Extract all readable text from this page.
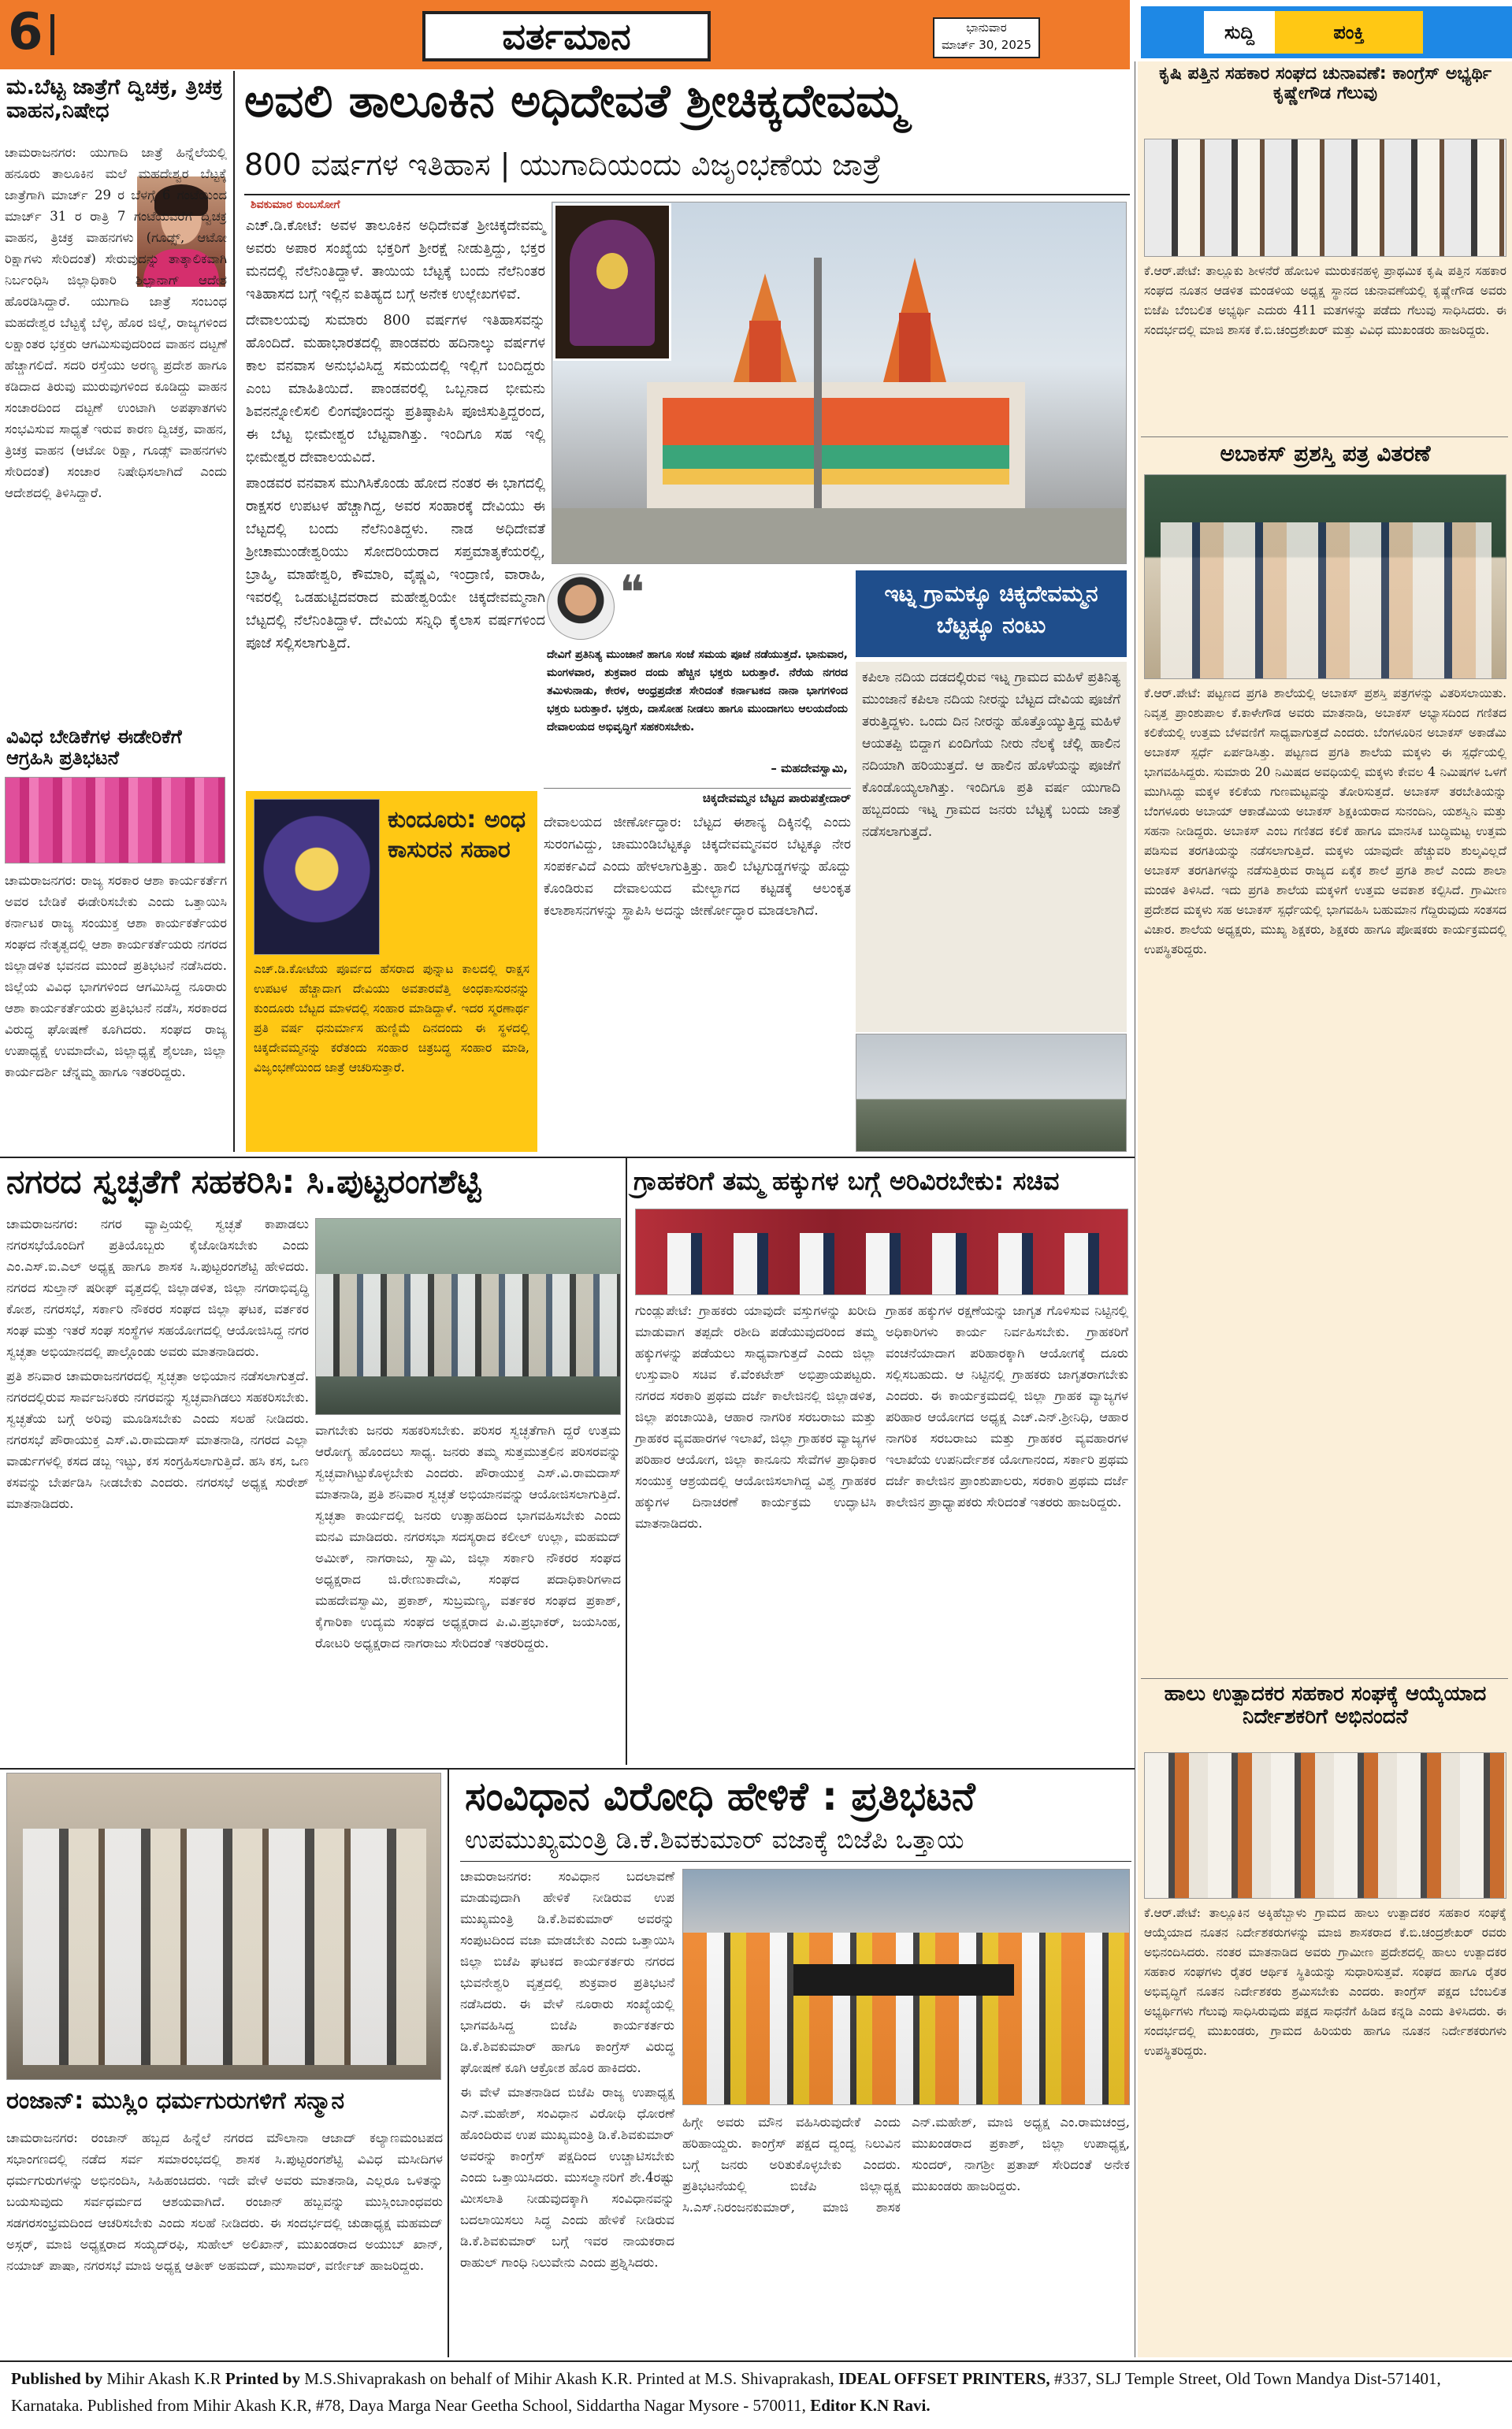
6	ವರ್ತಮಾನ	ಭಾನುವಾರ
ಮಾರ್ಚ್ 30, 2025
ಸುದ್ದಿ	ಪಂಕ್ತಿ
ಮ.ಬೆಟ್ಟ ಜಾತ್ರೆಗೆ ದ್ವಿಚಕ್ರ, ತ್ರಿಚಕ್ರ ವಾಹನ,ನಿಷೇಧ
ಚಾಮರಾಜನಗರ: ಯುಗಾದಿ ಜಾತ್ರೆ ಹಿನ್ನೆಲೆಯಲ್ಲಿ ಹನೂರು ತಾಲೂಕಿನ ಮಲೆ ಮಹದೇಶ್ವರ ಬೆಟ್ಟಕ್ಕೆ ಜಾತ್ರೆಗಾಗಿ ಮಾರ್ಚ್ 29 ರ ಬೆಳಗ್ಗೆ 6 ಗಂಟೆಯಿಂದ ಮಾರ್ಚ್ 31 ರ ರಾತ್ರಿ 7 ಗಂಟೆಯವರೆಗೆ ದ್ವಿಚಕ್ರ ವಾಹನ, ತ್ರಿಚಕ್ರ ವಾಹನಗಳು (ಗೂಡ್ಸ್, ಆಟೋ ರಿಕ್ಷಾಗಳು ಸೇರಿದಂತೆ) ಸೇರುವುದನ್ನು ತಾತ್ಕಾಲಿಕವಾಗಿ ನಿರ್ಬಂಧಿಸಿ ಜಿಲ್ಲಾಧಿಕಾರಿ ಶಿಲ್ಪಾನಾಗ್ ಆದೇಶ ಹೊರಡಿಸಿದ್ದಾರೆ. ಯುಗಾದಿ ಜಾತ್ರೆ ಸಂಬಂಧ ಮಹದೇಶ್ವರ ಬೆಟ್ಟಕ್ಕೆ ಬೆಳ್ಳಿ, ಹೊರ ಜಿಲ್ಲೆ, ರಾಜ್ಯಗಳಿಂದ ಲಕ್ಷಾಂತರ ಭಕ್ತರು ಆಗಮಿಸುವುದರಿಂದ ವಾಹನ ದಟ್ಟಣೆ ಹೆಚ್ಚಾಗಲಿದೆ. ಸದರಿ ರಸ್ತೆಯು ಅರಣ್ಯ ಪ್ರದೇಶ ಹಾಗೂ ಕಡಿದಾದ ತಿರುವು ಮುರುವುಗಳಿಂದ ಕೂಡಿದ್ದು ವಾಹನ ಸಂಚಾರದಿಂದ ದಟ್ಟಣೆ ಉಂಟಾಗಿ ಅಪಘಾತಗಳು ಸಂಭವಿಸುವ ಸಾಧ್ಯತೆ ಇರುವ ಕಾರಣ ದ್ವಿಚಕ್ರ, ವಾಹನ, ತ್ರಿಚಕ್ರ ವಾಹನ (ಆಟೋ ರಿಕ್ಷಾ, ಗೂಡ್ಸ್ ವಾಹನಗಳು ಸೇರಿದಂತೆ) ಸಂಚಾರ ನಿಷೇಧಿಸಲಾಗಿದೆ ಎಂದು ಆದೇಶದಲ್ಲಿ ತಿಳಿಸಿದ್ದಾರೆ.
ವಿವಿಧ ಬೇಡಿಕೆಗಳ ಈಡೇರಿಕೆಗೆ ಆಗ್ರಹಿಸಿ ಪ್ರತಿಭಟನೆ
ಚಾಮರಾಜನಗರ: ರಾಜ್ಯ ಸರಕಾರ ಆಶಾ ಕಾರ್ಯಕರ್ತೆಗ ಅವರ ಬೇಡಿಕೆ ಈಡೇರಿಸಬೇಕು ಎಂದು ಒತ್ತಾಯಿಸಿ ಕರ್ನಾಟಕ ರಾಜ್ಯ ಸಂಯುಕ್ತ ಆಶಾ ಕಾರ್ಯಕರ್ತೆಯರ ಸಂಘದ ನೇತೃತ್ವದಲ್ಲಿ ಆಶಾ ಕಾರ್ಯಕರ್ತೆಯರು ನಗರದ ಜಿಲ್ಲಾಡಳಿತ ಭವನದ ಮುಂದೆ ಪ್ರತಿಭಟನೆ ನಡೆಸಿದರು. ಜಿಲ್ಲೆಯ ವಿವಿಧ ಭಾಗಗಳಿಂದ ಆಗಮಿಸಿದ್ದ ನೂರಾರು ಆಶಾ ಕಾರ್ಯಕರ್ತೆಯರು ಪ್ರತಿಭಟನೆ ನಡೆಸಿ, ಸರಕಾರದ ವಿರುದ್ಧ ಘೋಷಣೆ ಕೂಗಿದರು. ಸಂಘದ ರಾಜ್ಯ ಉಪಾಧ್ಯಕ್ಷೆ ಉಮಾದೇವಿ, ಜಿಲ್ಲಾಧ್ಯಕ್ಷೆ ಶೈಲಜಾ, ಜಿಲ್ಲಾ ಕಾರ್ಯದರ್ಶಿ ಚೆನ್ನಮ್ಮ ಹಾಗೂ ಇತರರಿದ್ದರು.
ಅವಲಿ ತಾಲೂಕಿನ ಅಧಿದೇವತೆ ಶ್ರೀಚಿಕ್ಕದೇವಮ್ಮ
800 ವರ್ಷಗಳ ಇತಿಹಾಸ | ಯುಗಾದಿಯಂದು ವಿಜೃಂಭಣೆಯ ಜಾತ್ರೆ
ಶಿವಕುಮಾರ ಕುಂಬಸೋಗೆ

ಎಚ್.ಡಿ.ಕೋಟೆ: ಅವಳ ತಾಲೂಕಿನ ಅಧಿದೇವತೆ ಶ್ರೀಚಿಕ್ಕದೇವಮ್ಮ ಅವರು ಅಪಾರ ಸಂಖ್ಯೆಯ ಭಕ್ತರಿಗೆ ಶ್ರೀರಕ್ಷೆ ನೀಡುತ್ತಿದ್ದು, ಭಕ್ತರ ಮನದಲ್ಲಿ ನೆಲೆನಿಂತಿದ್ದಾಳೆ. ತಾಯಿಯ ಬೆಟ್ಟಕ್ಕೆ ಬಂದು ನೆಲೆನಿಂತರ ಇತಿಹಾಸದ ಬಗ್ಗೆ ಇಲ್ಲಿನ ಐತಿಹ್ಯದ ಬಗ್ಗೆ ಅನೇಕ ಉಲ್ಲೇಖಗಳಿವೆ.

ದೇವಾಲಯವು ಸುಮಾರು 800 ವರ್ಷಗಳ ಇತಿಹಾಸವನ್ನು ಹೊಂದಿದೆ. ಮಹಾಭಾರತದಲ್ಲಿ ಪಾಂಡವರು ಹದಿನಾಲ್ಕು ವರ್ಷಗಳ ಕಾಲ ವನವಾಸ ಅನುಭವಿಸಿದ್ದ ಸಮಯದಲ್ಲಿ ಇಲ್ಲಿಗೆ ಬಂದಿದ್ದರು ಎಂಬ ಮಾಹಿತಿಯಿದೆ. ಪಾಂಡವರಲ್ಲಿ ಒಬ್ಬನಾದ ಭೀಮನು ಶಿವನನ್ನೋಲಿಸಲಿ ಲಿಂಗವೊಂದನ್ನು ಪ್ರತಿಷ್ಠಾಪಿಸಿ ಪೂಜಿಸುತ್ತಿದ್ದರಂದ, ಈ ಬೆಟ್ಟ ಭೀಮೇಶ್ವರ ಬೆಟ್ಟವಾಗಿತ್ತು. ಇಂದಿಗೂ ಸಹ ಇಲ್ಲಿ ಭೀಮೇಶ್ವರ ದೇವಾಲಯವಿದೆ.

ಪಾಂಡವರ ವನವಾಸ ಮುಗಿಸಿಕೊಂಡು ಹೋದ ನಂತರ ಈ ಭಾಗದಲ್ಲಿ ರಾಕ್ಷಸರ ಉಪಟಳ ಹೆಚ್ಚಾಗಿದ್ದ, ಅವರ ಸಂಹಾರಕ್ಕೆ ದೇವಿಯು ಈ ಬೆಟ್ಟದಲ್ಲಿ ಬಂದು ನೆಲೆನಿಂತಿದ್ದಳು. ನಾಡ ಅಧಿದೇವತೆ ಶ್ರೀಚಾಮುಂಡೇಶ್ವರಿಯು ಸೋದರಿಯರಾದ ಸಪ್ತಮಾತೃಕೆಯರಲ್ಲಿ, ಬ್ರಾಹ್ಮಿ, ಮಾಹೇಶ್ವರಿ, ಕೌಮಾರಿ, ವೈಷ್ಣವಿ, ಇಂದ್ರಾಣಿ, ವಾರಾಹಿ, ಇವರಲ್ಲಿ ಒಡಹುಟ್ಟಿದವರಾದ ಮಹೇಶ್ವರಿಯೇ ಚಿಕ್ಕದೇವಮ್ಮನಾಗಿ ಬೆಟ್ಟದಲ್ಲಿ ನೆಲೆನಿಂತಿದ್ದಾಳೆ. ದೇವಿಯ ಸನ್ನಿಧಿ ಕೈಲಾಸ ವರ್ಷಗಳಿಂದ ಪೂಜೆ ಸಲ್ಲಿಸಲಾಗುತ್ತಿದೆ.

❝
ದೇವಿಗೆ ಪ್ರತಿನಿತ್ಯ ಮುಂಜಾನೆ ಹಾಗೂ ಸಂಜೆ ಸಮಯ ಪೂಜೆ ನಡೆಯುತ್ತದೆ. ಭಾನುವಾರ, ಮಂಗಳವಾರ, ಶುಕ್ರವಾರ ದಂದು ಹೆಚ್ಚಿನ ಭಕ್ತರು ಬರುತ್ತಾರೆ. ನೆರೆಯ ನಗರದ ತಮಿಳುನಾಡು, ಕೇರಳ, ಆಂಧ್ರಪ್ರದೇಶ ಸೇರಿದಂತೆ ಕರ್ನಾಟಕದ ನಾನಾ ಭಾಗಗಳಿಂದ ಭಕ್ತರು ಬರುತ್ತಾರೆ. ಭಕ್ತರು, ದಾಸೋಹ ನೀಡಲು ಹಾಗೂ ಮುಂದಾಗಲು ಆಲಯದೆಂದು ದೇವಾಲಯದ ಅಭಿವೃದ್ಧಿಗೆ ಸಹಕರಿಸಬೇಕು.
– ಮಹದೇವಸ್ವಾಮಿ,
ಚಿಕ್ಕದೇವಮ್ಮನ ಬೆಟ್ಟದ ಪಾರುಪತ್ತೇದಾರ್
ಇಟ್ನ ಗ್ರಾಮಕ್ಕೂ ಚಿಕ್ಕದೇವಮ್ಮನ ಬೆಟ್ಟಕ್ಕೂ ನಂಟು
ಕಪಿಲಾ ನದಿಯ ದಡದಲ್ಲಿರುವ ಇಟ್ನ ಗ್ರಾಮದ ಮಹಿಳೆ ಪ್ರತಿನಿತ್ಯ ಮುಂಜಾನೆ ಕಪಿಲಾ ನದಿಯ ನೀರನ್ನು ಬೆಟ್ಟದ ದೇವಿಯ ಪೂಜೆಗೆ ತರುತ್ತಿದ್ದಳು. ಒಂದು ದಿನ ನೀರನ್ನು ಹೊತ್ತೊಯ್ಯುತ್ತಿದ್ದ ಮಹಿಳೆ ಆಯತಪ್ಪಿ ಬಿದ್ದಾಗ ಏಂದಿಗೆಯ ನೀರು ನೆಲಕ್ಕೆ ಚೆಲ್ಲಿ ಹಾಲಿನ ನದಿಯಾಗಿ ಹರಿಯುತ್ತದೆ. ಆ ಹಾಲಿನ ಹೊಳೆಯನ್ನು ಪೂಜೆಗೆ ಕೊಂಡೊಯ್ಯಲಾಗಿತ್ತು. ಇಂದಿಗೂ ಪ್ರತಿ ವರ್ಷ ಯುಗಾದಿ ಹಬ್ಬದಂದು ಇಟ್ನ ಗ್ರಾಮದ ಜನರು ಬೆಟ್ಟಕ್ಕೆ ಬಂದು ಜಾತ್ರೆ ನಡೆಸಲಾಗುತ್ತದೆ.

ದೇವಾಲಯದ ಜೀರ್ಣೋದ್ಧಾರ: ಬೆಟ್ಟದ ಈಶಾನ್ಯ ದಿಕ್ಕಿನಲ್ಲಿ ಎಂದು ಸುರಂಗವಿದ್ದು, ಚಾಮುಂಡಿಬೆಟ್ಟಕ್ಕೂ ಚಿಕ್ಕದೇವಮ್ಮನವರ ಬೆಟ್ಟಕ್ಕೂ ನೇರ ಸಂಪರ್ಕವಿದೆ ಎಂದು ಹೇಳಲಾಗುತ್ತಿತ್ತು. ಹಾಲಿ ಬೆಟ್ಟಗುಡ್ಡಗಳನ್ನು ಹೊದ್ದು ಕೊಂಡಿರುವ ದೇವಾಲಯದ ಮೇಲ್ಭಾಗದ ಕಟ್ಟಡಕ್ಕೆ ಆಲಂಕೃತ ಕಲಾಶಾಸನಗಳನ್ನು ಸ್ಥಾಪಿಸಿ ಅದನ್ನು ಜೀರ್ಣೋದ್ಧಾರ ಮಾಡಲಾಗಿದೆ.

ಕುಂದೂರು: ಅಂಧ ಕಾಸುರನ ಸಹಾರ
ಎಚ್.ಡಿ.ಕೋಟೆಯ ಪೂರ್ವದ ಹೆಸರಾದ ಪುನ್ನಾಟ ಕಾಲದಲ್ಲಿ ರಾಕ್ಷಸ ಉಪಟಳ ಹೆಚ್ಚಾದಾಗ ದೇವಿಯು ಅವತಾರವೆತ್ತಿ ಅಂಧಕಾಸುರನನ್ನು ಕುಂದೂರು ಬೆಟ್ಟದ ಮಾಳದಲ್ಲಿ ಸಂಹಾರ ಮಾಡಿದ್ದಾಳೆ. ಇದರ ಸ್ಮರಣಾರ್ಥ ಪ್ರತಿ ವರ್ಷ ಧನುರ್ಮಾಸ ಹುಣ್ಣಿಮೆ ದಿನದಂದು ಈ ಸ್ಥಳದಲ್ಲಿ ಚಿಕ್ಕದೇವಮ್ಮನನ್ನು ಕರೆತಂದು ಸಂಹಾರ ಚಿತ್ರಬದ್ಧ ಸಂಹಾರ ಮಾಡಿ, ವಿಜೃಂಭಣೆಯಿಂದ ಜಾತ್ರೆ ಆಚರಿಸುತ್ತಾರೆ.
ನಗರದ ಸ್ವಚ್ಛತೆಗೆ ಸಹಕರಿಸಿ: ಸಿ.ಪುಟ್ಟರಂಗಶೆಟ್ಟಿ

ಚಾಮರಾಜನಗರ: ನಗರ ವ್ಯಾಪ್ತಿಯಲ್ಲಿ ಸ್ವಚ್ಛತೆ ಕಾಪಾಡಲು ನಗರಸಭೆಯೊಂದಿಗೆ ಪ್ರತಿಯೊಬ್ಬರು ಕೈಜೋಡಿಸಬೇಕು ಎಂದು ಎಂ.ಎಸ್.ಐ.ಎಲ್ ಅಧ್ಯಕ್ಷ ಹಾಗೂ ಶಾಸಕ ಸಿ.ಪುಟ್ಟರಂಗಶೆಟ್ಟಿ ಹೇಳಿದರು. ನಗರದ ಸುಲ್ತಾನ್ ಷರೀಫ್ ವೃತ್ತದಲ್ಲಿ ಜಿಲ್ಲಾಡಳಿತ, ಜಿಲ್ಲಾ ನಗರಾಭಿವೃದ್ಧಿ ಕೋಶ, ನಗರಸಭೆ, ಸರ್ಕಾರಿ ನೌಕರರ ಸಂಘದ ಜಿಲ್ಲಾ ಘಟಕ, ವರ್ತಕರ ಸಂಘ ಮತ್ತು ಇತರೆ ಸಂಘ ಸಂಸ್ಥೆಗಳ ಸಹಯೋಗದಲ್ಲಿ ಆಯೋಜಿಸಿದ್ದ ನಗರ ಸ್ವಚ್ಛತಾ ಅಭಿಯಾನದಲ್ಲಿ ಪಾಲ್ಗೊಂಡು ಅವರು ಮಾತನಾಡಿದರು.

ಪ್ರತಿ ಶನಿವಾರ ಚಾಮರಾಜನಗರದಲ್ಲಿ ಸ್ವಚ್ಛತಾ ಅಭಿಯಾನ ನಡೆಸಲಾಗುತ್ತದೆ. ನಗರದಲ್ಲಿರುವ ಸಾರ್ವಜನಿಕರು ನಗರವನ್ನು ಸ್ವಚ್ಛವಾಗಿಡಲು ಸಹಕರಿಸಬೇಕು. ಸ್ವಚ್ಛತೆಯ ಬಗ್ಗೆ ಅರಿವು ಮೂಡಿಸಬೇಕು ಎಂದು ಸಲಹೆ ನೀಡಿದರು. ನಗರಸಭೆ ಪೌರಾಯುಕ್ತ ಎಸ್.ವಿ.ರಾಮದಾಸ್ ಮಾತನಾಡಿ, ನಗರದ ಎಲ್ಲಾ ವಾರ್ಡುಗಳಲ್ಲಿ ಕಸದ ಡಬ್ಬ ಇಟ್ಟು, ಕಸ ಸಂಗ್ರಹಿಸಲಾಗುತ್ತಿದೆ. ಹಸಿ ಕಸ, ಒಣ ಕಸವನ್ನು ಬೇರ್ಪಡಿಸಿ ನೀಡಬೇಕು ಎಂದರು. ನಗರಸಭೆ ಅಧ್ಯಕ್ಷ ಸುರೇಶ್ ಮಾತನಾಡಿದರು.

ವಾಗಬೇಕು ಜನರು ಸಹಕರಿಸಬೇಕು. ಪರಿಸರ ಸ್ವಚ್ಛತೆಗಾಗಿ ದ್ದರೆ ಉತ್ತಮ ಆರೋಗ್ಯ ಹೊಂದಲು ಸಾಧ್ಯ. ಜನರು ತಮ್ಮ ಸುತ್ತಮುತ್ತಲಿನ ಪರಿಸರವನ್ನು ಸ್ವಚ್ಛವಾಗಿಟ್ಟುಕೊಳ್ಳಬೇಕು ಎಂದರು. ಪೌರಾಯುಕ್ತ ಎಸ್.ವಿ.ರಾಮದಾಸ್ ಮಾತನಾಡಿ, ಪ್ರತಿ ಶನಿವಾರ ಸ್ವಚ್ಛತೆ ಅಭಿಯಾನವನ್ನು ಆಯೋಜಿಸಲಾಗುತ್ತಿದೆ. ಸ್ವಚ್ಛತಾ ಕಾರ್ಯದಲ್ಲಿ ಜನರು ಉತ್ಸಾಹದಿಂದ ಭಾಗವಹಿಸಬೇಕು ಎಂದು ಮನವಿ ಮಾಡಿದರು. ನಗರಸಭಾ ಸದಸ್ಯರಾದ ಕಲೀಲ್ ಉಲ್ಲಾ, ಮಹಮದ್ ಅಮೀಕ್, ನಾಗರಾಜು, ಸ್ವಾಮಿ, ಜಿಲ್ಲಾ ಸರ್ಕಾರಿ ನೌಕರರ ಸಂಘದ ಅಧ್ಯಕ್ಷರಾದ ಜಿ.ರೇಣುಕಾದೇವಿ, ಸಂಘದ ಪದಾಧಿಕಾರಿಗಳಾದ ಮಹದೇವಸ್ವಾಮಿ, ಪ್ರಕಾಶ್, ಸುಬ್ರಮಣ್ಯ, ವರ್ತಕರ ಸಂಘದ ಪ್ರಕಾಶ್, ಕೈಗಾರಿಕಾ ಉದ್ಯಮ ಸಂಘದ ಅಧ್ಯಕ್ಷರಾದ ಪಿ.ವಿ.ಪ್ರಭಾಕರ್, ಜಯಸಿಂಹ, ರೋಟರಿ ಅಧ್ಯಕ್ಷರಾದ ನಾಗರಾಜು ಸೇರಿದಂತೆ ಇತರರಿದ್ದರು.
ಗ್ರಾಹಕರಿಗೆ ತಮ್ಮ ಹಕ್ಕುಗಳ ಬಗ್ಗೆ ಅರಿವಿರಬೇಕು: ಸಚಿವ
ಗುಂಡ್ಲುಪೇಟೆ: ಗ್ರಾಹಕರು ಯಾವುದೇ ವಸ್ತುಗಳನ್ನು ಖರೀದಿ ಮಾಡುವಾಗ ತಪ್ಪದೇ ರಶೀದಿ ಪಡೆಯುವುದರಿಂದ ತಮ್ಮ ಹಕ್ಕುಗಳನ್ನು ಪಡೆಯಲು ಸಾಧ್ಯವಾಗುತ್ತದೆ ಎಂದು ಜಿಲ್ಲಾ ಉಸ್ತುವಾರಿ ಸಚಿವ ಕೆ.ವೆಂಕಟೇಶ್ ಅಭಿಪ್ರಾಯಪಟ್ಟರು. ನಗರದ ಸರಕಾರಿ ಪ್ರಥಮ ದರ್ಜೆ ಕಾಲೇಜಿನಲ್ಲಿ ಜಿಲ್ಲಾಡಳಿತ, ಜಿಲ್ಲಾ ಪಂಚಾಯಿತಿ, ಆಹಾರ ನಾಗರಿಕ ಸರಬರಾಜು ಮತ್ತು ಗ್ರಾಹಕರ ವ್ಯವಹಾರಗಳ ಇಲಾಖೆ, ಜಿಲ್ಲಾ ಗ್ರಾಹಕರ ವ್ಯಾಜ್ಯಗಳ ಪರಿಹಾರ ಆಯೋಗ, ಜಿಲ್ಲಾ ಕಾನೂನು ಸೇವೆಗಳ ಪ್ರಾಧಿಕಾರ ಸಂಯುಕ್ತ ಆಶ್ರಯದಲ್ಲಿ ಆಯೋಜಿಸಲಾಗಿದ್ದ ವಿಶ್ವ ಗ್ರಾಹಕರ ಹಕ್ಕುಗಳ ದಿನಾಚರಣೆ ಕಾರ್ಯಕ್ರಮ ಉದ್ಘಾಟಿಸಿ ಮಾತನಾಡಿದರು.
ಗ್ರಾಹಕ ಹಕ್ಕುಗಳ ರಕ್ಷಣೆಯನ್ನು ಜಾಗೃತ ಗೊಳಿಸುವ ನಿಟ್ಟಿನಲ್ಲಿ ಅಧಿಕಾರಿಗಳು ಕಾರ್ಯ ನಿರ್ವಹಿಸಬೇಕು. ಗ್ರಾಹಕರಿಗೆ ವಂಚನೆಯಾದಾಗ ಪರಿಹಾರಕ್ಕಾಗಿ ಆಯೋಗಕ್ಕೆ ದೂರು ಸಲ್ಲಿಸಬಹುದು. ಆ ನಿಟ್ಟಿನಲ್ಲಿ ಗ್ರಾಹಕರು ಜಾಗೃತರಾಗಬೇಕು ಎಂದರು. ಈ ಕಾರ್ಯಕ್ರಮದಲ್ಲಿ ಜಿಲ್ಲಾ ಗ್ರಾಹಕ ವ್ಯಾಜ್ಯಗಳ ಪರಿಹಾರ ಆಯೋಗದ ಅಧ್ಯಕ್ಷ ಎಚ್.ಎನ್.ಶ್ರೀನಿಧಿ, ಆಹಾರ ನಾಗರಿಕ ಸರಬರಾಜು ಮತ್ತು ಗ್ರಾಹಕರ ವ್ಯವಹಾರಗಳ ಇಲಾಖೆಯ ಉಪನಿರ್ದೇಶಕ ಯೋಗಾನಂದ, ಸರ್ಕಾರಿ ಪ್ರಥಮ ದರ್ಜೆ ಕಾಲೇಜಿನ ಪ್ರಾಂಶುಪಾಲರು, ಸರಕಾರಿ ಪ್ರಥಮ ದರ್ಜೆ ಕಾಲೇಜಿನ ಪ್ರಾಧ್ಯಾಪಕರು ಸೇರಿದಂತೆ ಇತರರು ಹಾಜರಿದ್ದರು.
ರಂಜಾನ್: ಮುಸ್ಲಿಂ ಧರ್ಮಗುರುಗಳಿಗೆ ಸನ್ಮಾನ
ಚಾಮರಾಜನಗರ: ರಂಜಾನ್ ಹಬ್ಬದ ಹಿನ್ನೆಲೆ ನಗರದ ಮೌಲಾನಾ ಆಜಾದ್ ಕಲ್ಯಾಣಮಂಟಪದ ಸಭಾಂಗಣದಲ್ಲಿ ನಡೆದ ಸರ್ವ ಸಮಾರಂಭದಲ್ಲಿ ಶಾಸಕ ಸಿ.ಪುಟ್ಟರಂಗಶೆಟ್ಟಿ ವಿವಿಧ ಮಸೀದಿಗಳ ಧರ್ಮಗುರುಗಳನ್ನು ಅಭಿನಂದಿಸಿ, ಸಿಹಿಹಂಚಿದರು. ಇದೇ ವೇಳೆ ಅವರು ಮಾತನಾಡಿ, ಎಲ್ಲರೂ ಒಳಿತನ್ನು ಬಯಸುವುದು ಸರ್ವಧರ್ಮದ ಆಶಯವಾಗಿದೆ. ರಂಜಾನ್ ಹಬ್ಬವನ್ನು ಮುಸ್ಲಿಂಬಾಂಧವರು ಸಡಗರಸಂಭ್ರಮದಿಂದ ಆಚರಿಸಬೇಕು ಎಂದು ಸಲಹೆ ನೀಡಿದರು. ಈ ಸಂದರ್ಭದಲ್ಲಿ ಚುಡಾಧ್ಯಕ್ಷ ಮಹಮದ್ ಅಸ್ಗರ್, ಮಾಜಿ ಅಧ್ಯಕ್ಷರಾದ ಸಯ್ಯದ್‌ರಫಿ, ಸುಹೇಲ್ ಅಲಿಖಾನ್, ಮುಖಂಡರಾದ ಅಯುಬ್ ಖಾನ್, ನಯಾಜ್ ಪಾಷಾ, ನಗರಸಭೆ ಮಾಜಿ ಅಧ್ಯಕ್ಷ ಆತೀಕ್ ಅಹಮದ್, ಮುಸಾವರ್, ವರ್ಣೀಜ್ ಹಾಜರಿದ್ದರು.
ಸಂವಿಧಾನ ವಿರೋಧಿ ಹೇಳಿಕೆ : ಪ್ರತಿಭಟನೆ
ಉಪಮುಖ್ಯಮಂತ್ರಿ ಡಿ.ಕೆ.ಶಿವಕುಮಾರ್ ವಜಾಕ್ಕೆ ಬಿಜೆಪಿ ಒತ್ತಾಯ

ಚಾಮರಾಜನಗರ: ಸಂವಿಧಾನ ಬದಲಾವಣೆ ಮಾಡುವುದಾಗಿ ಹೇಳಿಕೆ ನೀಡಿರುವ ಉಪ ಮುಖ್ಯಮಂತ್ರಿ ಡಿ.ಕೆ.ಶಿವಕುಮಾರ್ ಅವರನ್ನು ಸಂಪುಟದಿಂದ ವಜಾ ಮಾಡಬೇಕು ಎಂದು ಒತ್ತಾಯಿಸಿ ಜಿಲ್ಲಾ ಬಿಜೆಪಿ ಘಟಕದ ಕಾರ್ಯಕರ್ತರು ನಗರದ ಭುವನೇಶ್ವರಿ ವೃತ್ತದಲ್ಲಿ ಶುಕ್ರವಾರ ಪ್ರತಿಭಟನೆ ನಡೆಸಿದರು. ಈ ವೇಳೆ ನೂರಾರು ಸಂಖ್ಯೆಯಲ್ಲಿ ಭಾಗವಹಿಸಿದ್ದ ಬಿಜೆಪಿ ಕಾರ್ಯಕರ್ತರು ಡಿ.ಕೆ.ಶಿವಕುಮಾರ್ ಹಾಗೂ ಕಾಂಗ್ರೆಸ್ ವಿರುದ್ಧ ಘೋಷಣೆ ಕೂಗಿ ಆಕ್ರೋಶ ಹೊರ ಹಾಕಿದರು.

ಈ ವೇಳೆ ಮಾತನಾಡಿದ ಬಿಜೆಪಿ ರಾಜ್ಯ ಉಪಾಧ್ಯಕ್ಷ ಎನ್.ಮಹೇಶ್, ಸಂವಿಧಾನ ವಿರೋಧಿ ಧೋರಣೆ ಹೊಂದಿರುವ ಉಪ ಮುಖ್ಯಮಂತ್ರಿ ಡಿ.ಕೆ.ಶಿವಕುಮಾರ್ ಅವರನ್ನು ಕಾಂಗ್ರೆಸ್ ಪಕ್ಷದಿಂದ ಉಚ್ಚಾಟಿಸಬೇಕು ಎಂದು ಒತ್ತಾಯಿಸಿದರು. ಮುಸಲ್ಮಾನರಿಗೆ ಶೇ.4ರಷ್ಟು ಮೀಸಲಾತಿ ನೀಡುವುದಕ್ಕಾಗಿ ಸಂವಿಧಾನವನ್ನು ಬದಲಾಯಿಸಲು ಸಿದ್ಧ ಎಂದು ಹೇಳಿಕೆ ನೀಡಿರುವ ಡಿ.ಕೆ.ಶಿವಕುಮಾರ್ ಬಗ್ಗೆ ಇವರ ನಾಯಕರಾದ ರಾಹುಲ್ ಗಾಂಧಿ ನಿಲುವೇನು ಎಂದು ಪ್ರಶ್ನಿಸಿದರು.

ಹಿಗ್ಗೇ ಅವರು ಮೌನ ವಹಿಸಿರುವುದೇಕೆ ಎಂದು ಹರಿಹಾಯ್ದರು. ಕಾಂಗ್ರೆಸ್ ಪಕ್ಷದ ದ್ವಂದ್ವ ನಿಲುವಿನ ಬಗ್ಗೆ ಜನರು ಅರಿತುಕೊಳ್ಳಬೇಕು ಎಂದರು. ಪ್ರತಿಭಟನೆಯಲ್ಲಿ ಬಿಜೆಪಿ ಜಿಲ್ಲಾಧ್ಯಕ್ಷ ಸಿ.ಎಸ್.ನಿರಂಜನಕುಮಾರ್, ಮಾಜಿ ಶಾಸಕ ಎನ್.ಮಹೇಶ್, ಮಾಜಿ ಅಧ್ಯಕ್ಷ ಎಂ.ರಾಮಚಂದ್ರ, ಮುಖಂಡರಾದ ಪ್ರಕಾಶ್, ಜಿಲ್ಲಾ ಉಪಾಧ್ಯಕ್ಷ, ಸುಂದರ್, ನಾಗಶ್ರೀ ಪ್ರತಾಪ್ ಸೇರಿದಂತೆ ಅನೇಕ ಮುಖಂಡರು ಹಾಜರಿದ್ದರು.
ಕೃಷಿ ಪತ್ತಿನ ಸಹಕಾರ ಸಂಘದ ಚುನಾವಣೆ: ಕಾಂಗ್ರೆಸ್ ಅಭ್ಯರ್ಥಿ ಕೃಷ್ಣೇಗೌಡ ಗೆಲುವು
ಕೆ.ಆರ್.ಪೇಟೆ: ತಾಲ್ಲೂಕು ಶೀಳನೆರೆ ಹೋಬಳಿ ಮುರುಕನಹಳ್ಳಿ ಪ್ರಾಥಮಿಕ ಕೃಷಿ ಪತ್ತಿನ ಸಹಕಾರ ಸಂಘದ ನೂತನ ಆಡಳಿತ ಮಂಡಳಿಯ ಅಧ್ಯಕ್ಷ ಸ್ಥಾನದ ಚುನಾವಣೆಯಲ್ಲಿ ಕೃಷ್ಣೇಗೌಡ ಅವರು ಬಿಜೆಪಿ ಬೆಂಬಲಿತ ಅಭ್ಯರ್ಥಿ ಎದುರು 411 ಮತಗಳನ್ನು ಪಡೆದು ಗೆಲುವು ಸಾಧಿಸಿದರು. ಈ ಸಂದರ್ಭದಲ್ಲಿ ಮಾಜಿ ಶಾಸಕ ಕೆ.ಬಿ.ಚಂದ್ರಶೇಖರ್ ಮತ್ತು ವಿವಿಧ ಮುಖಂಡರು ಹಾಜರಿದ್ದರು.
ಅಬಾಕಸ್ ಪ್ರಶಸ್ತಿ ಪತ್ರ ವಿತರಣೆ
ಕೆ.ಆರ್.ಪೇಟೆ: ಪಟ್ಟಣದ ಪ್ರಗತಿ ಶಾಲೆಯಲ್ಲಿ ಅಬಾಕಸ್ ಪ್ರಶಸ್ತಿ ಪತ್ರಗಳನ್ನು ವಿತರಿಸಲಾಯಿತು. ನಿವೃತ್ತ ಪ್ರಾಂಶುಪಾಲ ಕೆ.ಕಾಳೇಗೌಡ ಅವರು ಮಾತನಾಡಿ, ಅಬಾಕಸ್ ಅಭ್ಯಾಸದಿಂದ ಗಣಿತದ ಕಲಿಕೆಯಲ್ಲಿ ಉತ್ತಮ ಬೆಳವಣಿಗೆ ಸಾಧ್ಯವಾಗುತ್ತದೆ ಎಂದರು. ಬೆಂಗಳೂರಿನ ಅಬಾಕಸ್ ಅಕಾಡೆಮಿ ಅಬಾಕಸ್ ಸ್ಪರ್ಧೆ ಏರ್ಪಡಿಸಿತ್ತು. ಪಟ್ಟಣದ ಪ್ರಗತಿ ಶಾಲೆಯ ಮಕ್ಕಳು ಈ ಸ್ಪರ್ಧೆಯಲ್ಲಿ ಭಾಗವಹಿಸಿದ್ದರು. ಸುಮಾರು 20 ನಿಮಿಷದ ಅವಧಿಯಲ್ಲಿ ಮಕ್ಕಳು ಕೇವಲ 4 ನಿಮಿಷಗಳ ಒಳಗೆ ಮುಗಿಸಿದ್ದು ಮಕ್ಕಳ ಕಲಿಕೆಯ ಗುಣಮಟ್ಟವನ್ನು ತೋರಿಸುತ್ತದೆ. ಅಬಾಕಸ್ ತರಬೇತಿಯನ್ನು ಬೆಂಗಳೂರು ಅಬಾಯ್ ಆಕಾಡೆಮಿಯ ಅಬಾಕಸ್ ಶಿಕ್ಷಕಿಯರಾದ ಸುನಂದಿನಿ, ಯಶಸ್ವಿನಿ ಮತ್ತು ಸಹನಾ ನೀಡಿದ್ದರು. ಅಬಾಕಸ್ ಎಂಬ ಗಣಿತದ ಕಲಿಕೆ ಹಾಗೂ ಮಾನಸಿಕ ಬುದ್ಧಿಮಟ್ಟ ಉತ್ತಮ ಪಡಿಸುವ ತರಗತಿಯನ್ನು ನಡೆಸಲಾಗುತ್ತಿದೆ. ಮಕ್ಕಳು ಯಾವುದೇ ಹೆಚ್ಚುವರಿ ಶುಲ್ಕವಿಲ್ಲದೆ ಅಬಾಕಸ್ ತರಗತಿಗಳನ್ನು ನಡೆಸುತ್ತಿರುವ ರಾಜ್ಯದ ಏಕೈಕ ಶಾಲೆ ಪ್ರಗತಿ ಶಾಲೆ ಎಂದು ಶಾಲಾ ಮಂಡಳಿ ತಿಳಿಸಿದೆ. ಇದು ಪ್ರಗತಿ ಶಾಲೆಯ ಮಕ್ಕಳಿಗೆ ಉತ್ತಮ ಅವಕಾಶ ಕಲ್ಪಿಸಿದೆ. ಗ್ರಾಮೀಣ ಪ್ರದೇಶದ ಮಕ್ಕಳು ಸಹ ಅಬಾಕಸ್ ಸ್ಪರ್ಧೆಯಲ್ಲಿ ಭಾಗವಹಿಸಿ ಬಹುಮಾನ ಗೆದ್ದಿರುವುದು ಸಂತಸದ ವಿಚಾರ. ಶಾಲೆಯ ಅಧ್ಯಕ್ಷರು, ಮುಖ್ಯ ಶಿಕ್ಷಕರು, ಶಿಕ್ಷಕರು ಹಾಗೂ ಪೋಷಕರು ಕಾರ್ಯಕ್ರಮದಲ್ಲಿ ಉಪಸ್ಥಿತರಿದ್ದರು.
ಹಾಲು ಉತ್ಪಾದಕರ ಸಹಕಾರ ಸಂಘಕ್ಕೆ ಆಯ್ಕೆಯಾದ ನಿರ್ದೇಶಕರಿಗೆ ಅಭಿನಂದನೆ
ಕೆ.ಆರ್.ಪೇಟೆ: ತಾಲ್ಲೂಕಿನ ಅಕ್ಕಿಹೆಬ್ಬಾಳು ಗ್ರಾಮದ ಹಾಲು ಉತ್ಪಾದಕರ ಸಹಕಾರ ಸಂಘಕ್ಕೆ ಆಯ್ಕೆಯಾದ ನೂತನ ನಿರ್ದೇಶಕರುಗಳನ್ನು ಮಾಜಿ ಶಾಸಕರಾದ ಕೆ.ಬಿ.ಚಂದ್ರಶೇಖರ್ ರವರು ಅಭಿನಂದಿಸಿದರು. ನಂತರ ಮಾತನಾಡಿದ ಅವರು ಗ್ರಾಮೀಣ ಪ್ರದೇಶದಲ್ಲಿ ಹಾಲು ಉತ್ಪಾದಕರ ಸಹಕಾರ ಸಂಘಗಳು ರೈತರ ಆರ್ಥಿಕ ಸ್ಥಿತಿಯನ್ನು ಸುಧಾರಿಸುತ್ತವೆ. ಸಂಘದ ಹಾಗೂ ರೈತರ ಅಭಿವೃದ್ಧಿಗೆ ನೂತನ ನಿರ್ದೇಶಕರು ಶ್ರಮಿಸಬೇಕು ಎಂದರು. ಕಾಂಗ್ರೆಸ್ ಪಕ್ಷದ ಬೆಂಬಲಿತ ಅಭ್ಯರ್ಥಿಗಳು ಗೆಲುವು ಸಾಧಿಸಿರುವುದು ಪಕ್ಷದ ಸಾಧನೆಗೆ ಹಿಡಿದ ಕನ್ನಡಿ ಎಂದು ತಿಳಿಸಿದರು. ಈ ಸಂದರ್ಭದಲ್ಲಿ ಮುಖಂಡರು, ಗ್ರಾಮದ ಹಿರಿಯರು ಹಾಗೂ ನೂತನ ನಿರ್ದೇಶಕರುಗಳು ಉಪಸ್ಥಿತರಿದ್ದರು.
Published by Mihir Akash K.R Printed by M.S.Shivaprakash on behalf of Mihir Akash K.R. Printed at M.S. Shivaprakash, IDEAL OFFSET PRINTERS, #337, SLJ Temple Street, Old Town Mandya Dist-571401, Karnataka. Published from Mihir Akash K.R, #78, Daya Marga Near Geetha School, Siddartha Nagar Mysore - 570011, Editor K.N Ravi.
